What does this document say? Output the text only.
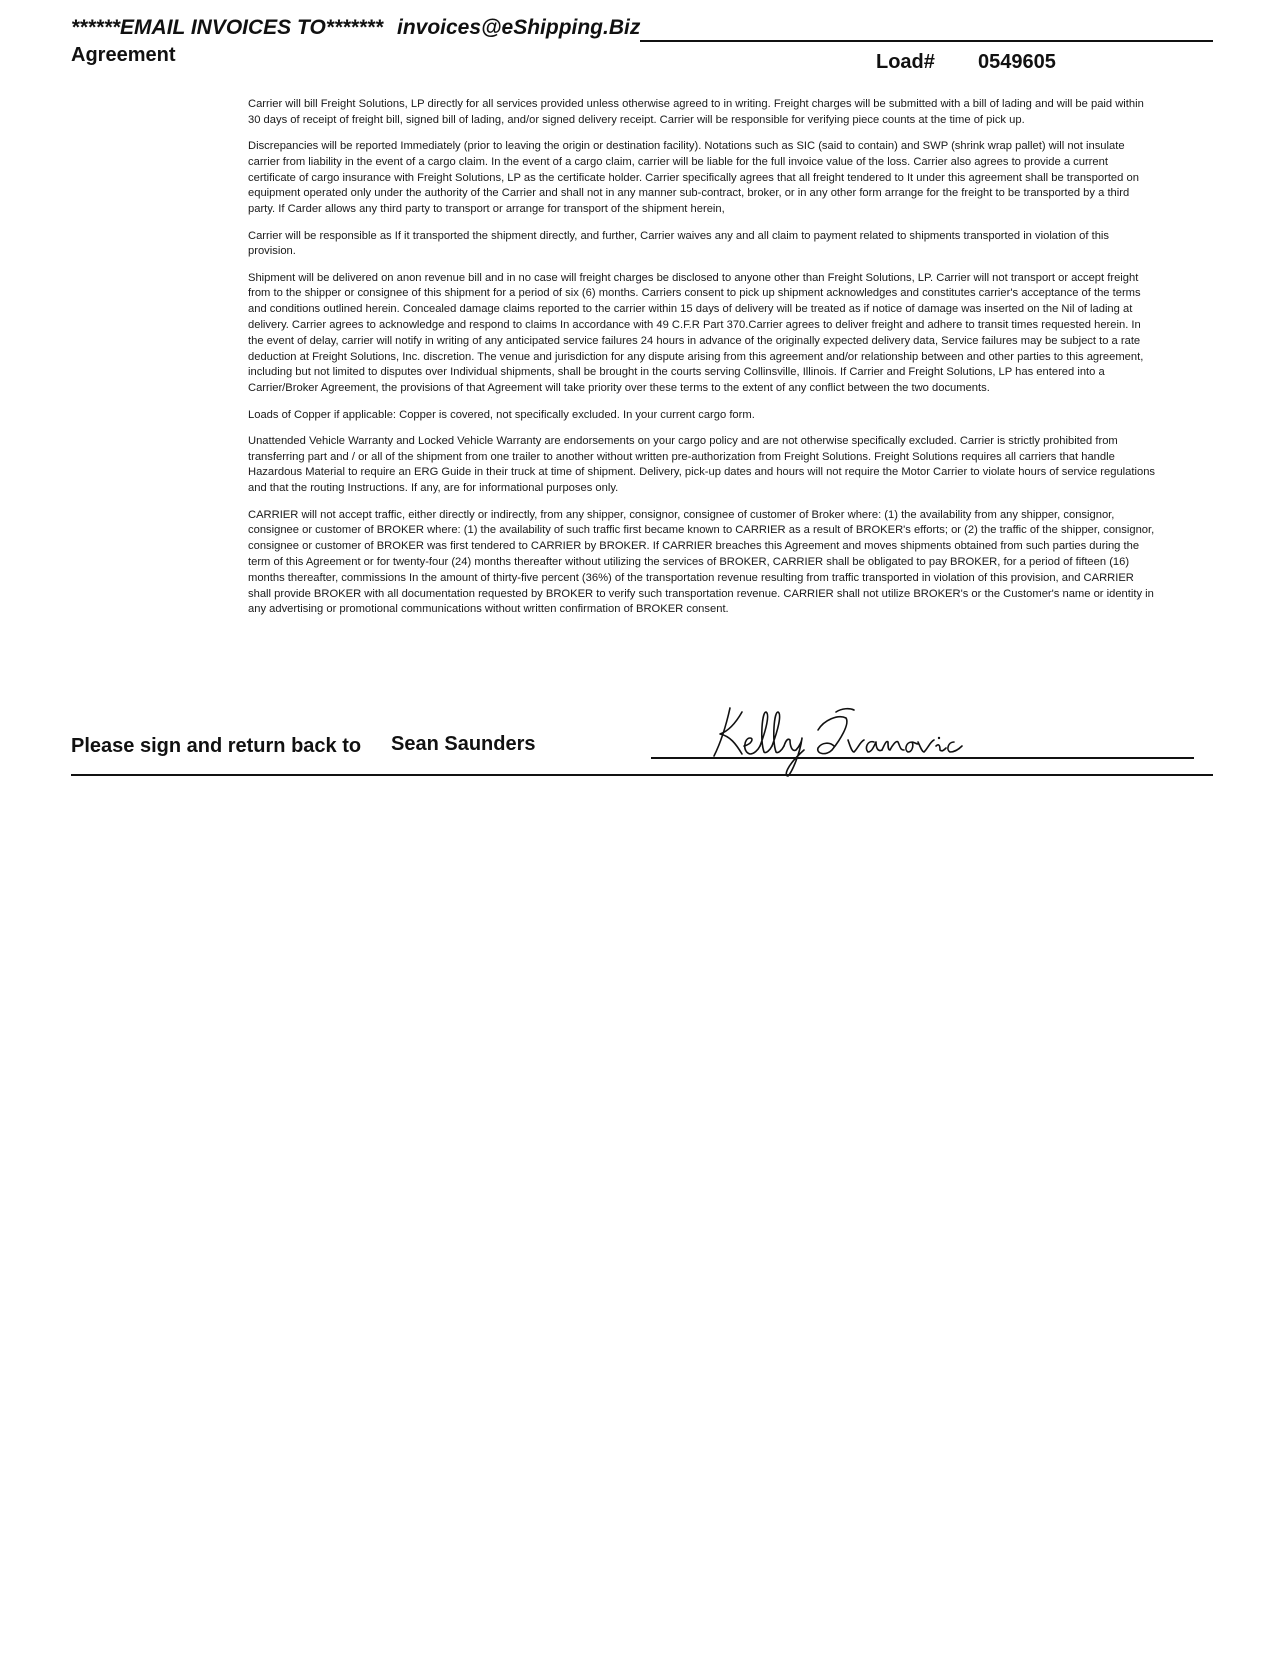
******EMAIL INVOICES TO******* invoices@eShipping.Biz
Agreement	Load# 0549605

Carrier will bill Freight Solutions, LP directly for all services provided unless otherwise agreed to in writing. Freight charges will be submitted with a bill of lading and will be paid within 30 days of receipt of freight bill, signed bill of lading, and/or signed delivery receipt. Carrier will be responsible for verifying piece counts at the time of pick up.

Discrepancies will be reported Immediately (prior to leaving the origin or destination facility). Notations such as SIC (said to contain) and SWP (shrink wrap pallet) will not insulate carrier from liability in the event of a cargo claim. In the event of a cargo claim, carrier will be liable for the full invoice value of the loss. Carrier also agrees to provide a current certificate of cargo insurance with Freight Solutions, LP as the certificate holder. Carrier specifically agrees that all freight tendered to It under this agreement shall be transported on equipment operated only under the authority of the Carrier and shall not in any manner sub-contract, broker, or in any other form arrange for the freight to be transported by a third party. If Carder allows any third party to transport or arrange for transport of the shipment herein,

Carrier will be responsible as If it transported the shipment directly, and further, Carrier waives any and all claim to payment related to shipments transported in violation of this provision.

Shipment will be delivered on anon revenue bill and in no case will freight charges be disclosed to anyone other than Freight Solutions, LP. Carrier will not transport or accept freight from to the shipper or consignee of this shipment for a period of six (6) months. Carriers consent to pick up shipment acknowledges and constitutes carrier's acceptance of the terms and conditions outlined herein. Concealed damage claims reported to the carrier within 15 days of delivery will be treated as if notice of damage was inserted on the Nil of lading at delivery. Carrier agrees to acknowledge and respond to claims In accordance with 49 C.F.R Part 370.Carrier agrees to deliver freight and adhere to transit times requested herein. In the event of delay, carrier will notify in writing of any anticipated service failures 24 hours in advance of the originally expected delivery data, Service failures may be subject to a rate deduction at Freight Solutions, Inc. discretion. The venue and jurisdiction for any dispute arising from this agreement and/or relationship between and other parties to this agreement, including but not limited to disputes over Individual shipments, shall be brought in the courts serving Collinsville, Illinois. If Carrier and Freight Solutions, LP has entered into a Carrier/Broker Agreement, the provisions of that Agreement will take priority over these terms to the extent of any conflict between the two documents.

Loads of Copper if applicable: Copper is covered, not specifically excluded. In your current cargo form.

Unattended Vehicle Warranty and Locked Vehicle Warranty are endorsements on your cargo policy and are not otherwise specifically excluded. Carrier is strictly prohibited from transferring part and / or all of the shipment from one trailer to another without written pre-authorization from Freight Solutions. Freight Solutions requires all carriers that handle Hazardous Material to require an ERG Guide in their truck at time of shipment. Delivery, pick-up dates and hours will not require the Motor Carrier to violate hours of service regulations and that the routing Instructions. If any, are for informational purposes only.

CARRIER will not accept traffic, either directly or indirectly, from any shipper, consignor, consignee of customer of Broker where: (1) the availability from any shipper, consignor, consignee or customer of BROKER where: (1) the availability of such traffic first became known to CARRIER as a result of BROKER's efforts; or (2) the traffic of the shipper, consignor, consignee or customer of BROKER was first tendered to CARRIER by BROKER. If CARRIER breaches this Agreement and moves shipments obtained from such parties during the term of this Agreement or for twenty-four (24) months thereafter without utilizing the services of BROKER, CARRIER shall be obligated to pay BROKER, for a period of fifteen (16) months thereafter, commissions In the amount of thirty-five percent (36%) of the transportation revenue resulting from traffic transported in violation of this provision, and CARRIER shall provide BROKER with all documentation requested by BROKER to verify such transportation revenue. CARRIER shall not utilize BROKER's or the Customer's name or identity in any advertising or promotional communications without written confirmation of BROKER consent.

Please sign and return back to Sean Saunders
